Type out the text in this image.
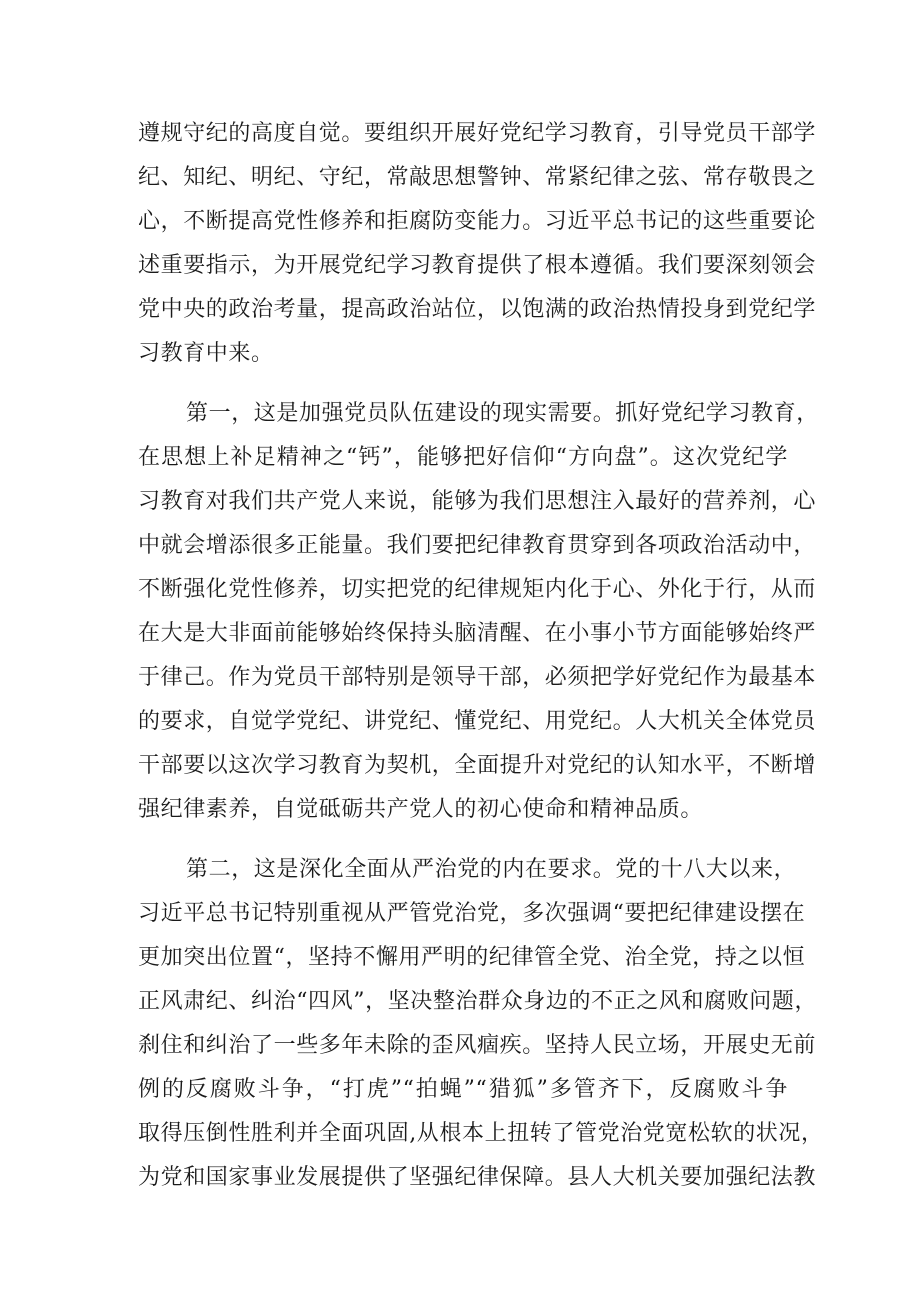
遵规守纪的高度自觉。要组织开展好党纪学习教育，引导党员干部学
纪、知纪、明纪、守纪，常敲思想警钟、常紧纪律之弦、常存敬畏之
心，不断提高党性修养和拒腐防变能力。习近平总书记的这些重要论
述重要指示，为开展党纪学习教育提供了根本遵循。我们要深刻领会
党中央的政治考量，提高政治站位，以饱满的政治热情投身到党纪学
习教育中来。
第一，这是加强党员队伍建设的现实需要。抓好党纪学习教育，
在思想上补足精神之“钙”，能够把好信仰“方向盘”。这次党纪学
习教育对我们共产党人来说，能够为我们思想注入最好的营养剂，心
中就会增添很多正能量。我们要把纪律教育贯穿到各项政治活动中，
不断强化党性修养，切实把党的纪律规矩内化于心、外化于行，从而
在大是大非面前能够始终保持头脑清醒、在小事小节方面能够始终严
于律己。作为党员干部特别是领导干部，必须把学好党纪作为最基本
的要求，自觉学党纪、讲党纪、懂党纪、用党纪。人大机关全体党员
干部要以这次学习教育为契机，全面提升对党纪的认知水平，不断增
强纪律素养，自觉砥砺共产党人的初心使命和精神品质。
第二，这是深化全面从严治党的内在要求。党的十八大以来，
习近平总书记特别重视从严管党治党，多次强调“要把纪律建设摆在
更加突出位置“，坚持不懈用严明的纪律管全党、治全党，持之以恒
正风肃纪、纠治“四风”，坚决整治群众身边的不正之风和腐败问题，
刹住和纠治了一些多年未除的歪风痼疾。坚持人民立场，开展史无前
例的反腐败斗争，“打虎”“拍蝇”“猎狐”多管齐下，反腐败斗争
取得压倒性胜利并全面巩固,从根本上扭转了管党治党宽松软的状况，
为党和国家事业发展提供了坚强纪律保障。县人大机关要加强纪法教
